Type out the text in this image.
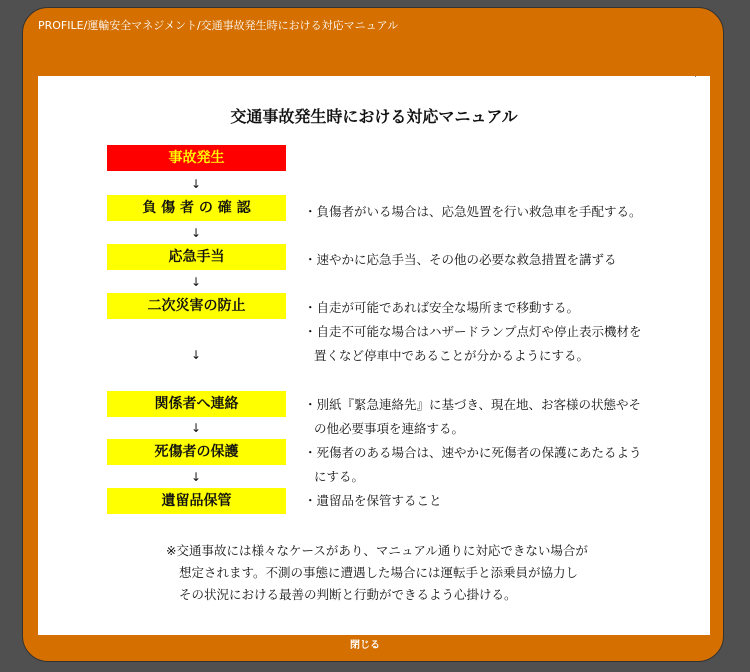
PROFILE/運輸安全マネジメント/交通事故発生時における対応マニュアル
交通事故発生時における対応マニュアル
事故発生
↓
負 傷 者 の 確 認
↓
応急手当
↓
二次災害の防止
↓
関係者へ連絡
↓
死傷者の保護
↓
遺留品保管
・負傷者がいる場合は、応急処置を行い救急車を手配する。
・速やかに応急手当、その他の必要な救急措置を講ずる
・自走が可能であれば安全な場所まで移動する。
・自走不可能な場合はハザードランプ点灯や停止表示機材を
置くなど停車中であることが分かるようにする。
・別紙『緊急連絡先』に基づき、現在地、お客様の状態やそ
の他必要事項を連絡する。
・死傷者のある場合は、速やかに死傷者の保護にあたるよう
にする。
・遺留品を保管すること
※交通事故には様々なケースがあり、マニュアル通りに対応できない場合が
想定されます。不測の事態に遭遇した場合には運転手と添乗員が協力し
その状況における最善の判断と行動ができるよう心掛ける。
閉じる
